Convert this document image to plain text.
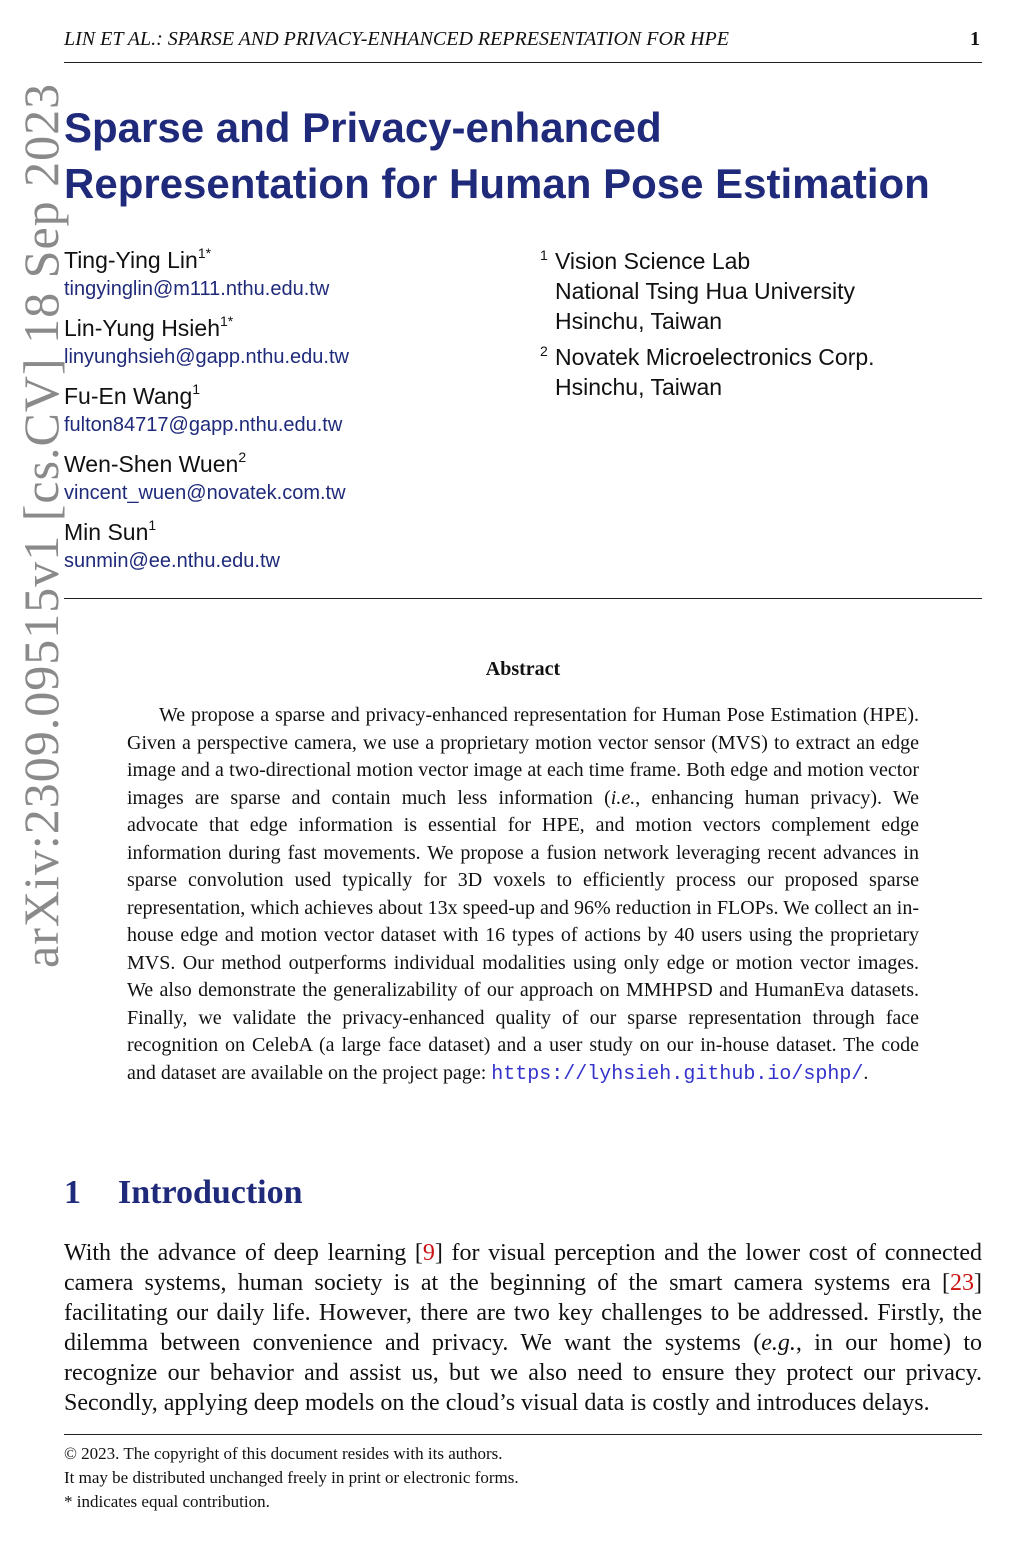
LIN ET AL.: SPARSE AND PRIVACY-ENHANCED REPRESENTATION FOR HPE	1
arXiv:2309.09515v1 [cs.CV] 18 Sep 2023
Sparse and Privacy-enhanced
Representation for Human Pose Estimation
Ting-Ying Lin$^{1*}$
tingyinglin@m111.nthu.edu.tw
Lin-Yung Hsieh$^{1*}$
linyunghsieh@gapp.nthu.edu.tw
Fu-En Wang$^1$
fulton84717@gapp.nthu.edu.tw
Wen-Shen Wuen$^2$
vincent_wuen@novatek.com.tw
Min Sun$^1$
sunmin@ee.nthu.edu.tw
1 Vision Science Lab
National Tsing Hua University
Hsinchu, Taiwan
2 Novatek Microelectronics Corp.
Hsinchu, Taiwan
Abstract
We propose a sparse and privacy-enhanced representation for Human Pose Estimation (HPE). Given a perspective camera, we use a proprietary motion vector sensor (MVS) to extract an edge image and a two-directional motion vector image at each time frame. Both edge and motion vector images are sparse and contain much less information (i.e., enhancing human privacy). We advocate that edge information is essential for HPE, and motion vectors complement edge information during fast movements. We propose a fusion network leveraging recent advances in sparse convolution used typically for 3D voxels to efficiently process our proposed sparse representation, which achieves about 13x speed-up and 96% reduction in FLOPs. We collect an in-house edge and motion vector dataset with 16 types of actions by 40 users using the proprietary MVS. Our method outperforms individual modalities using only edge or motion vector images. We also demonstrate the generalizability of our approach on MMHPSD and HumanEva datasets. Finally, we validate the privacy-enhanced quality of our sparse representation through face recognition on CelebA (a large face dataset) and a user study on our in-house dataset. The code and dataset are available on the project page: https://lyhsieh.github.io/sphp/.
1 Introduction
With the advance of deep learning [9] for visual perception and the lower cost of connected camera systems, human society is at the beginning of the smart camera systems era [23] facilitating our daily life. However, there are two key challenges to be addressed. Firstly, the dilemma between convenience and privacy. We want the systems (e.g., in our home) to recognize our behavior and assist us, but we also need to ensure they protect our privacy. Secondly, applying deep models on the cloud’s visual data is costly and introduces delays.
© 2023. The copyright of this document resides with its authors.
It may be distributed unchanged freely in print or electronic forms.
* indicates equal contribution.
